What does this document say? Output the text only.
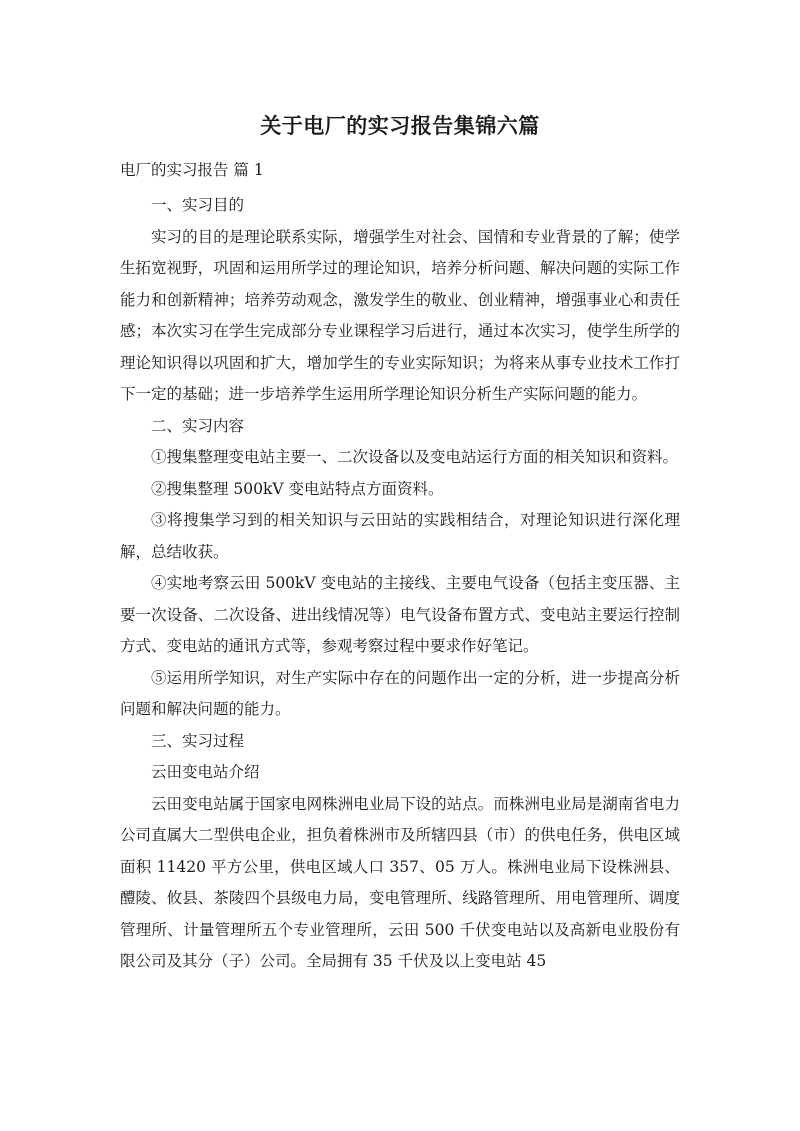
关于电厂的实习报告集锦六篇

电厂的实习报告 篇 1

一、实习目的

实习的目的是理论联系实际，增强学生对社会、国情和专业背景的了解；使学生拓宽视野，巩固和运用所学过的理论知识，培养分析问题、解决问题的实际工作能力和创新精神；培养劳动观念，激发学生的敬业、创业精神，增强事业心和责任感；本次实习在学生完成部分专业课程学习后进行，通过本次实习，使学生所学的理论知识得以巩固和扩大，增加学生的专业实际知识；为将来从事专业技术工作打下一定的基础；进一步培养学生运用所学理论知识分析生产实际问题的能力。

二、实习内容

①搜集整理变电站主要一、二次设备以及变电站运行方面的相关知识和资料。

②搜集整理 500kV 变电站特点方面资料。

③将搜集学习到的相关知识与云田站的实践相结合，对理论知识进行深化理解，总结收获。

④实地考察云田 500kV 变电站的主接线、主要电气设备（包括主变压器、主要一次设备、二次设备、进出线情况等）电气设备布置方式、变电站主要运行控制方式、变电站的通讯方式等，参观考察过程中要求作好笔记。

⑤运用所学知识，对生产实际中存在的问题作出一定的分析，进一步提高分析问题和解决问题的能力。

三、实习过程

云田变电站介绍

云田变电站属于国家电网株洲电业局下设的站点。而株洲电业局是湖南省电力公司直属大二型供电企业，担负着株洲市及所辖四县（市）的供电任务，供电区域面积 11420 平方公里，供电区域人口 357、05 万人。株洲电业局下设株洲县、醴陵、攸县、茶陵四个县级电力局，变电管理所、线路管理所、用电管理所、调度管理所、计量管理所五个专业管理所，云田 500 千伏变电站以及高新电业股份有限公司及其分（子）公司。全局拥有 35 千伏及以上变电站 45
